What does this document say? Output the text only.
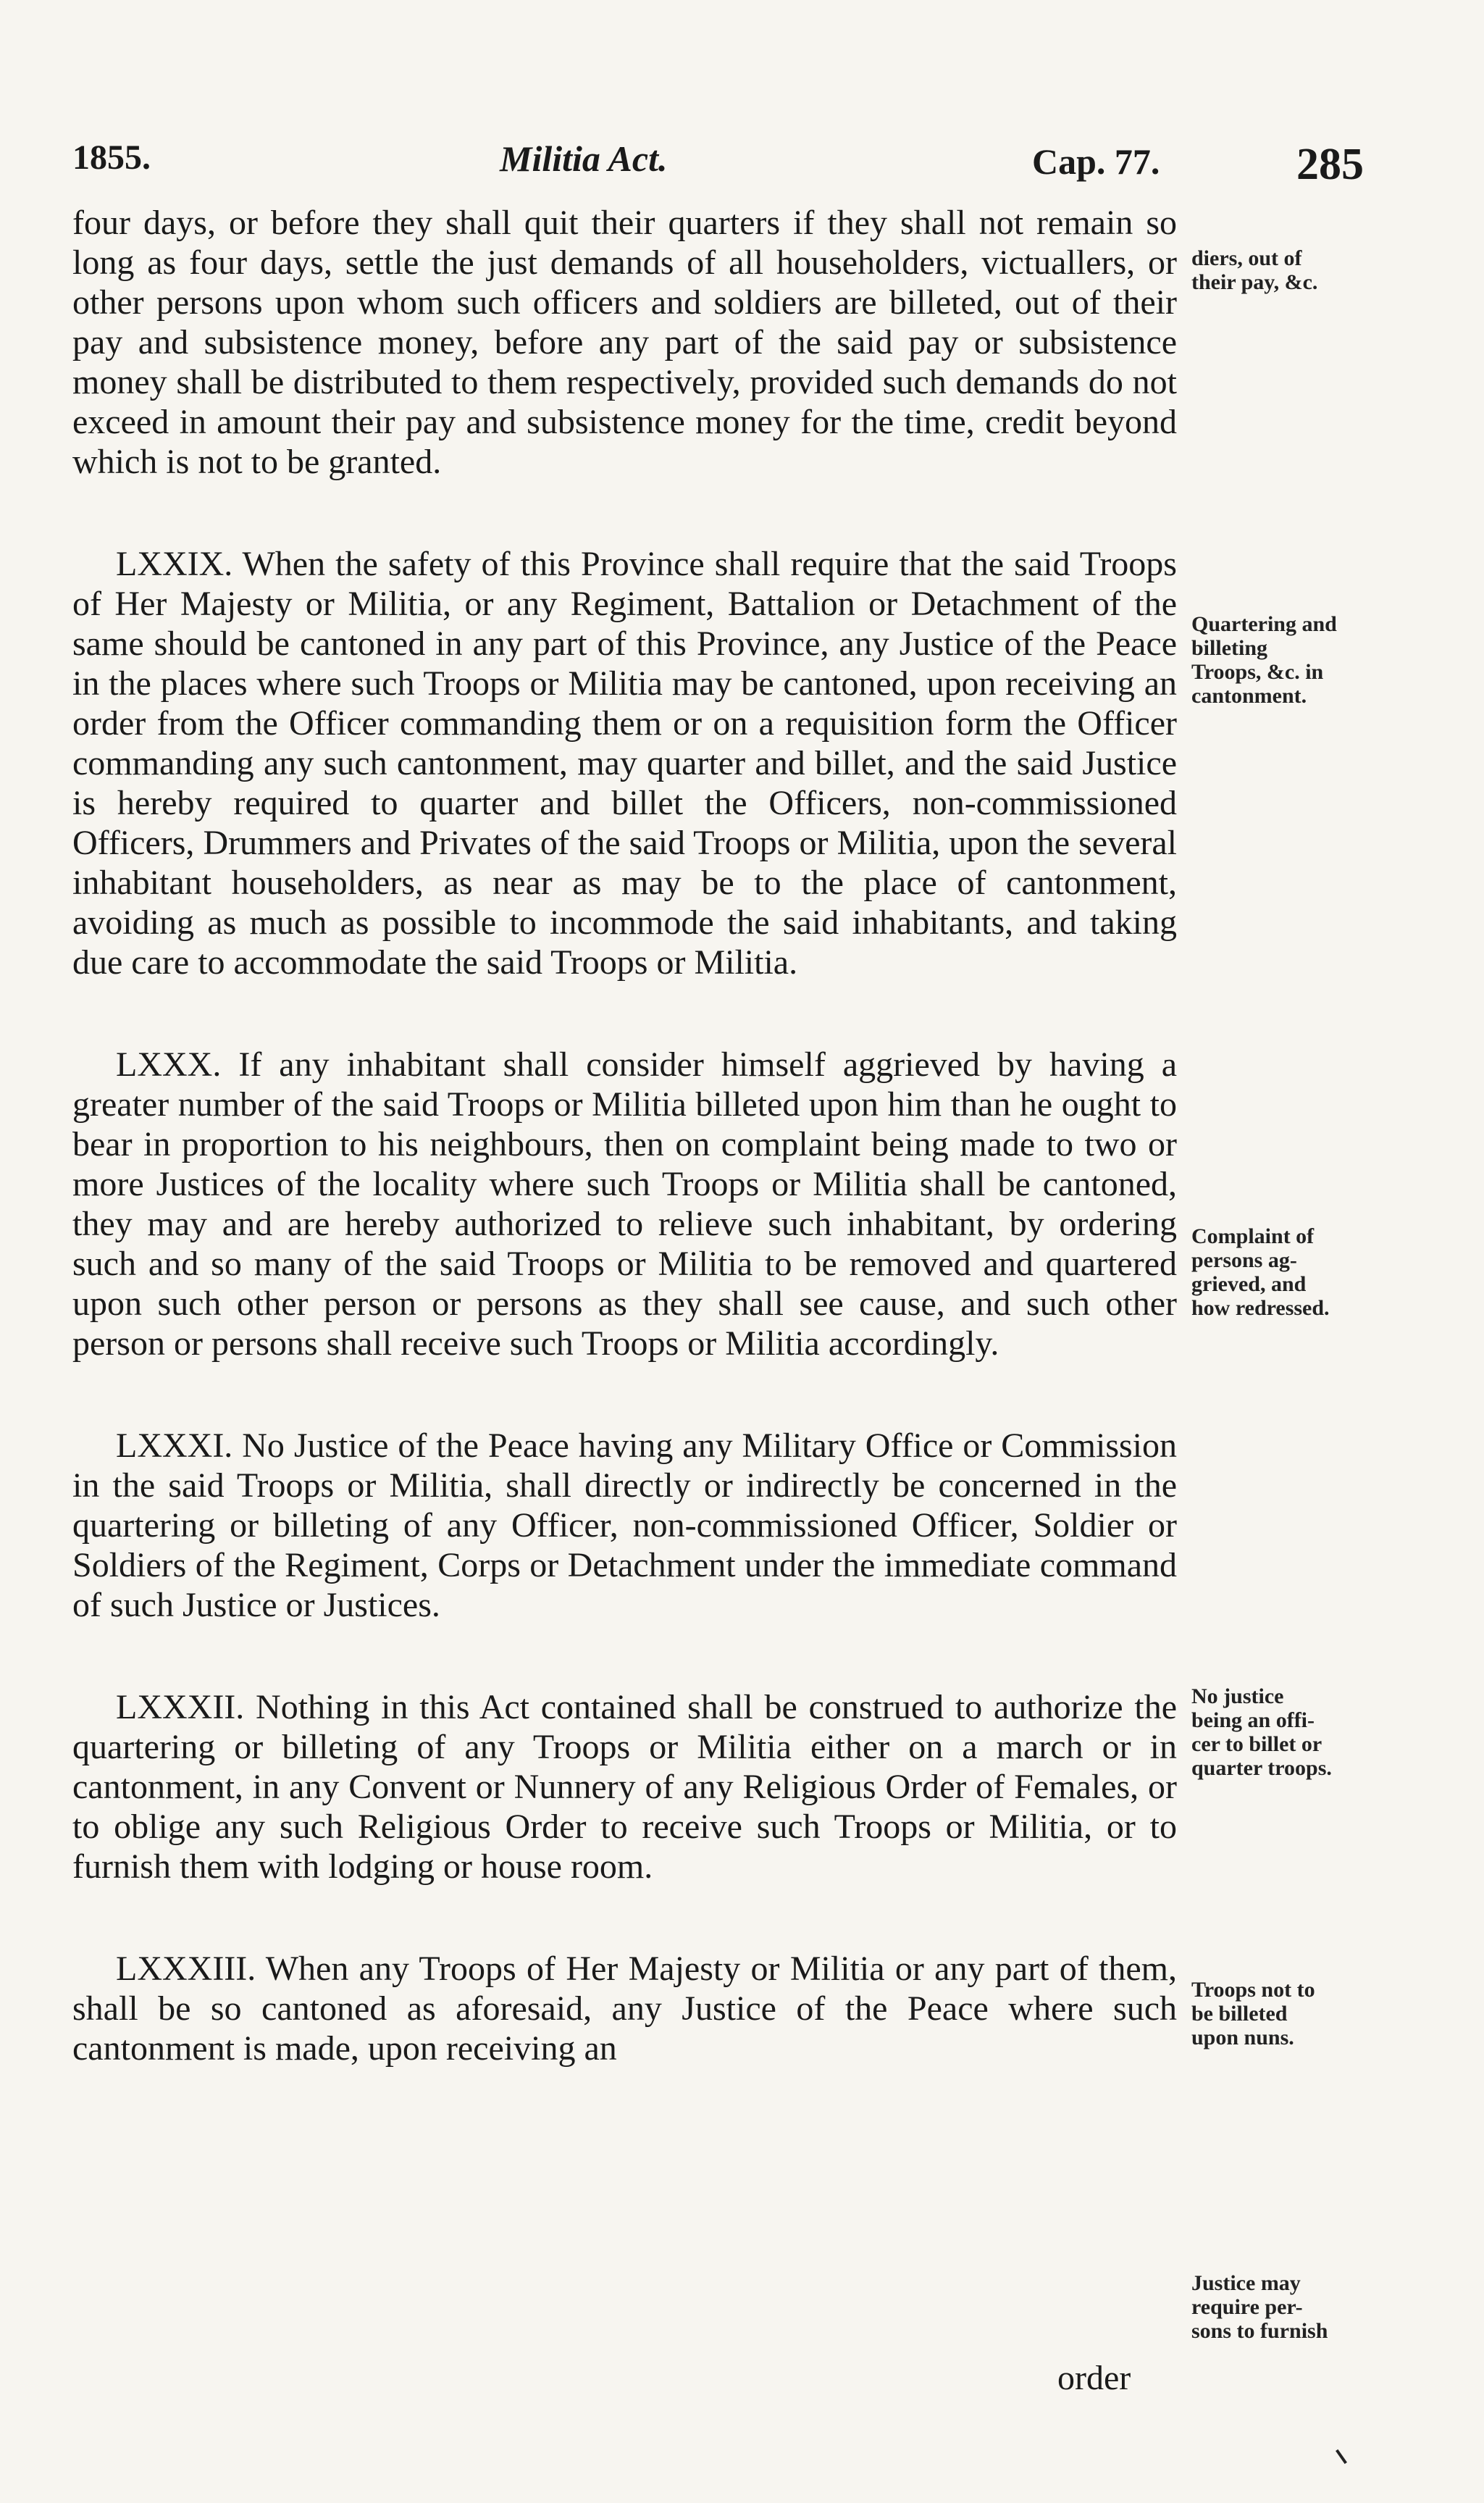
1855.	Militia Act.	Cap. 77.	285

four days, or before they shall quit their quarters if they shall not remain so long as four days, settle the just demands of all householders, victuallers, or other persons upon whom such officers and soldiers are billeted, out of their pay and subsistence money, before any part of the said pay or subsistence money shall be distributed to them respectively, provided such demands do not exceed in amount their pay and subsistence money for the time, credit beyond which is not to be granted.

LXXIX. When the safety of this Province shall require that the said Troops of Her Majesty or Militia, or any Regiment, Battalion or Detachment of the same should be cantoned in any part of this Province, any Justice of the Peace in the places where such Troops or Militia may be cantoned, upon receiving an order from the Officer commanding them or on a requisition form the Officer commanding any such cantonment, may quarter and billet, and the said Justice is hereby required to quarter and billet the Officers, non-commissioned Officers, Drummers and Privates of the said Troops or Militia, upon the several inhabitant householders, as near as may be to the place of cantonment, avoiding as much as possible to incommode the said inhabitants, and taking due care to accommodate the said Troops or Militia.

LXXX. If any inhabitant shall consider himself aggrieved by having a greater number of the said Troops or Militia billeted upon him than he ought to bear in proportion to his neighbours, then on complaint being made to two or more Justices of the locality where such Troops or Militia shall be cantoned, they may and are hereby authorized to relieve such inhabitant, by ordering such and so many of the said Troops or Militia to be removed and quartered upon such other person or persons as they shall see cause, and such other person or persons shall receive such Troops or Militia accordingly.

LXXXI. No Justice of the Peace having any Military Office or Commission in the said Troops or Militia, shall directly or indirectly be concerned in the quartering or billeting of any Officer, non-commissioned Officer, Soldier or Soldiers of the Regiment, Corps or Detachment under the immediate command of such Justice or Justices.

LXXXII. Nothing in this Act contained shall be construed to authorize the quartering or billeting of any Troops or Militia either on a march or in cantonment, in any Convent or Nunnery of any Religious Order of Females, or to oblige any such Religious Order to receive such Troops or Militia, or to furnish them with lodging or house room.

LXXXIII. When any Troops of Her Majesty or Militia or any part of them, shall be so cantoned as aforesaid, any Justice of the Peace where such cantonment is made, upon receiving an

order
diers, out of
their pay, &c.
Quartering and
billeting
Troops, &c. in
cantonment.
Complaint of
persons ag-
grieved, and
how redressed.
No justice
being an offi-
cer to billet or
quarter troops.
Troops not to
be billeted
upon nuns.
Justice may
require per-
sons to furnish
